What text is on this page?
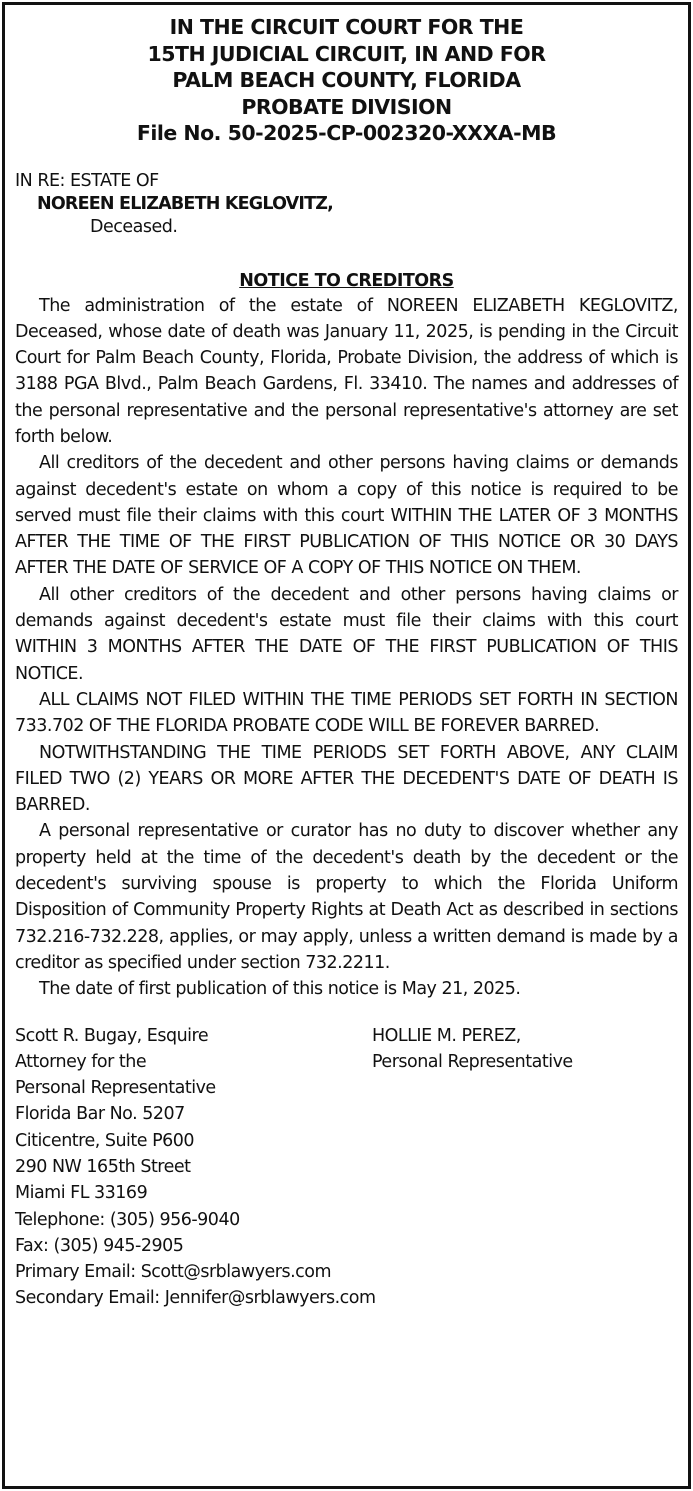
IN THE CIRCUIT COURT FOR THE
15TH JUDICIAL CIRCUIT, IN AND FOR
PALM BEACH COUNTY, FLORIDA
PROBATE DIVISION
File No. 50-2025-CP-002320-XXXA-MB
IN RE: ESTATE OF
NOREEN ELIZABETH KEGLOVITZ,
Deceased.
NOTICE TO CREDITORS

The administration of the estate of NOREEN ELIZABETH KEGLOVITZ, Deceased, whose date of death was January 11, 2025, is pending in the Circuit Court for Palm Beach County, Florida, Probate Division, the address of which is 3188 PGA Blvd., Palm Beach Gardens, Fl. 33410. The names and addresses of the personal representative and the personal representative's attorney are set forth below.

All creditors of the decedent and other persons having claims or demands against decedent's estate on whom a copy of this notice is required to be served must file their claims with this court WITHIN THE LATER OF 3 MONTHS AFTER THE TIME OF THE FIRST PUBLICATION OF THIS NOTICE OR 30 DAYS AFTER THE DATE OF SERVICE OF A COPY OF THIS NOTICE ON THEM.

All other creditors of the decedent and other persons having claims or demands against decedent's estate must file their claims with this court WITHIN 3 MONTHS AFTER THE DATE OF THE FIRST PUBLICATION OF THIS NOTICE.

ALL CLAIMS NOT FILED WITHIN THE TIME PERIODS SET FORTH IN SECTION 733.702 OF THE FLORIDA PROBATE CODE WILL BE FOREVER BARRED.

NOTWITHSTANDING THE TIME PERIODS SET FORTH ABOVE, ANY CLAIM FILED TWO (2) YEARS OR MORE AFTER THE DECEDENT'S DATE OF DEATH IS BARRED.

A personal representative or curator has no duty to discover whether any property held at the time of the decedent's death by the decedent or the decedent's surviving spouse is property to which the Florida Uniform Disposition of Community Property Rights at Death Act as described in sections 732.216-732.228, applies, or may apply, unless a written demand is made by a creditor as specified under section 732.2211.

The date of first publication of this notice is May 21, 2025.

Scott R. Bugay, Esquire
Attorney for the
Personal Representative
Florida Bar No. 5207
Citicentre, Suite P600
290 NW 165th Street
Miami FL 33169
Telephone: (305) 956-9040
Fax: (305) 945-2905
Primary Email: Scott@srblawyers.com
Secondary Email: Jennifer@srblawyers.com
HOLLIE M. PEREZ,
Personal Representative
